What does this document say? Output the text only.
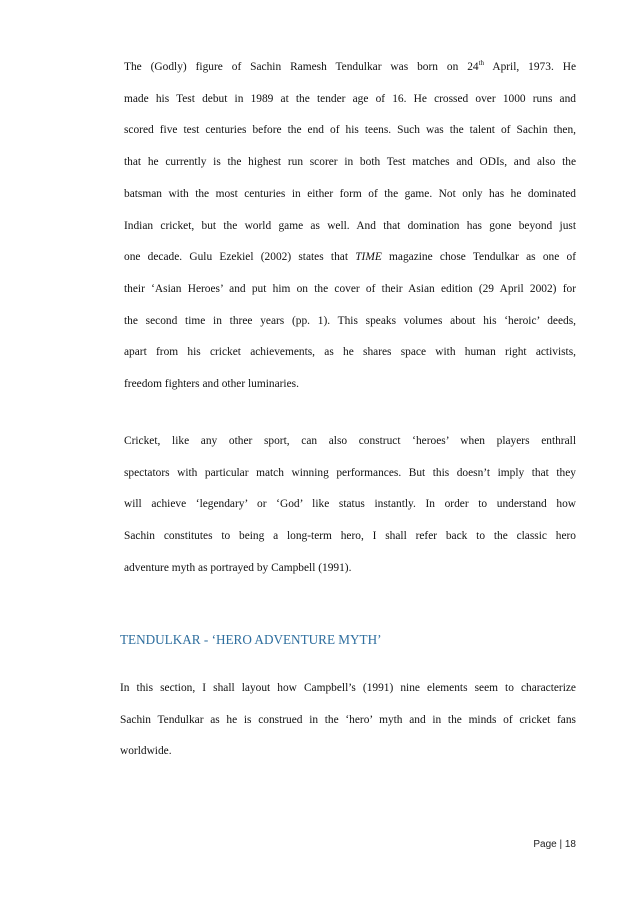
The (Godly) figure of Sachin Ramesh Tendulkar was born on 24th April, 1973. He
made his Test debut in 1989 at the tender age of 16. He crossed over 1000 runs and
scored five test centuries before the end of his teens. Such was the talent of Sachin then,
that he currently is the highest run scorer in both Test matches and ODIs, and also the
batsman with the most centuries in either form of the game. Not only has he dominated
Indian cricket, but the world game as well. And that domination has gone beyond just
one decade. Gulu Ezekiel (2002) states that TIME magazine chose Tendulkar as one of
their ‘Asian Heroes’ and put him on the cover of their Asian edition (29 April 2002) for
the second time in three years (pp. 1). This speaks volumes about his ‘heroic’ deeds,
apart from his cricket achievements, as he shares space with human right activists,
freedom fighters and other luminaries.

Cricket, like any other sport, can also construct ‘heroes’ when players enthrall
spectators with particular match winning performances. But this doesn’t imply that they
will achieve ‘legendary’ or ‘God’ like status instantly. In order to understand how
Sachin constitutes to being a long-term hero, I shall refer back to the classic hero
adventure myth as portrayed by Campbell (1991).

TENDULKAR - ‘HERO ADVENTURE MYTH’

In this section, I shall layout how Campbell’s (1991) nine elements seem to characterize
Sachin Tendulkar as he is construed in the ‘hero’ myth and in the minds of cricket fans
worldwide.

Page | 18
